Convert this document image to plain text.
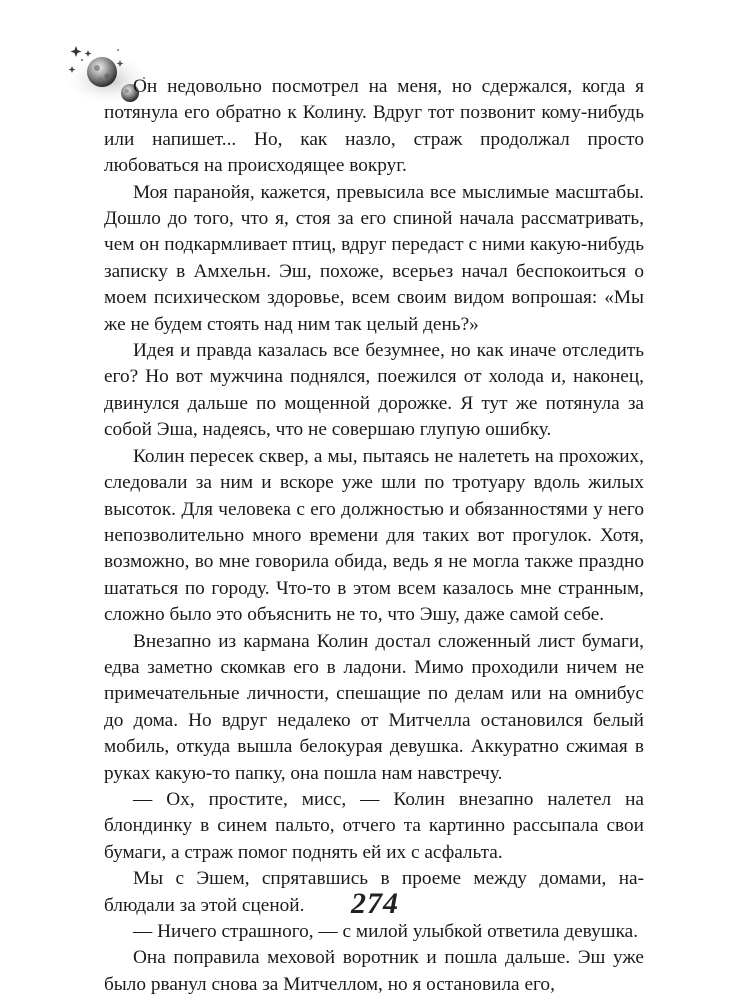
Он недовольно посмотрел на меня, но сдержался, когда я потянула его обратно к Колину. Вдруг тот позвонит кому-нибудь или напишет... Но, как назло, страж продолжал просто любоваться на происходящее вокруг.

Моя паранойя, кажется, превысила все мыслимые масштабы. Дошло до того, что я, стоя за его спиной начала рассматривать, чем он подкармливает птиц, вдруг передаст с ними какую-нибудь записку в Амхельн. Эш, похоже, всерьез начал беспокоиться о моем психическом здоровье, всем своим видом вопрошая: «Мы же не будем стоять над ним так целый день?»

Идея и правда казалась все безумнее, но как иначе отследить его? Но вот мужчина поднялся, поежился от холода и, наконец, двинулся дальше по мощенной дорожке. Я тут же потянула за собой Эша, надеясь, что не совершаю глупую ошибку.

Колин пересек сквер, а мы, пытаясь не налететь на прохожих, следовали за ним и вскоре уже шли по тротуару вдоль жилых высоток. Для человека с его должностью и обязанностями у него непозволительно много времени для таких вот прогулок. Хотя, возможно, во мне говорила обида, ведь я не могла также праздно шататься по городу. Что-то в этом всем казалось мне странным, сложно было это объяснить не то, что Эшу, даже самой себе.

Внезапно из кармана Колин достал сложенный лист бумаги, едва заметно скомкав его в ладони. Мимо проходили ничем не примечательные личности, спешащие по делам или на омнибус до дома. Но вдруг недалеко от Митчелла остановился белый мобиль, откуда вышла белокурая девушка. Аккуратно сжимая в руках какую-то папку, она пошла нам навстречу.

— Ох, простите, мисс, — Колин внезапно налетел на блондинку в синем пальто, отчего та картинно рассыпала свои бумаги, а страж помог поднять ей их с асфальта.

Мы с Эшем, спрятавшись в проеме между домами, наблюдали за этой сценой.

— Ничего страшного, — с милой улыбкой ответила девушка.

Она поправила меховой воротник и пошла дальше. Эш уже было рванул снова за Митчеллом, но я остановила его,

274
